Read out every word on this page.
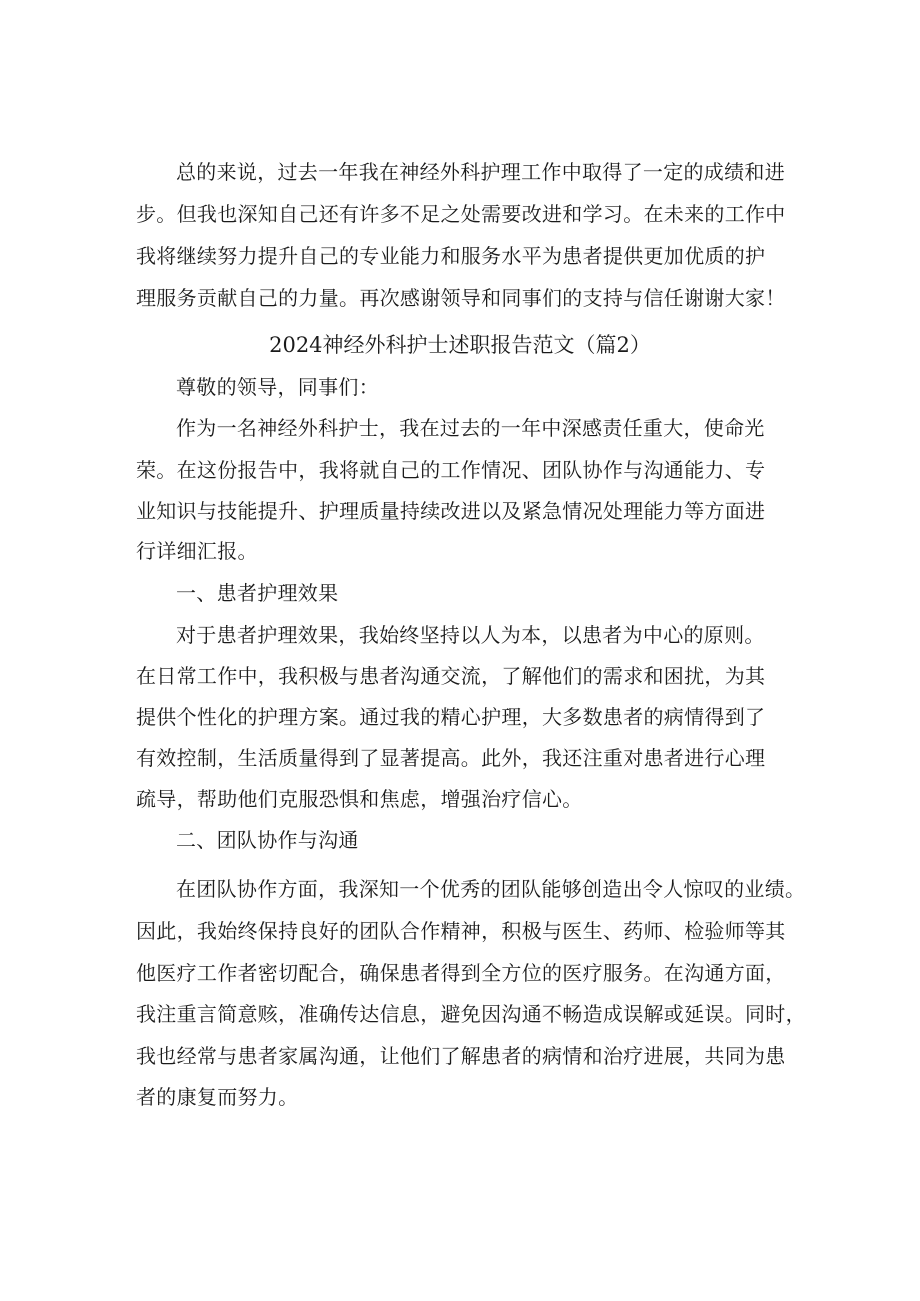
总的来说，过去一年我在神经外科护理工作中取得了一定的成绩和进
步。但我也深知自己还有许多不足之处需要改进和学习。在未来的工作中
我将继续努力提升自己的专业能力和服务水平为患者提供更加优质的护
理服务贡献自己的力量。再次感谢领导和同事们的支持与信任谢谢大家！
2024神经外科护士述职报告范文（篇2）
尊敬的领导，同事们：
作为一名神经外科护士，我在过去的一年中深感责任重大，使命光
荣。在这份报告中，我将就自己的工作情况、团队协作与沟通能力、专
业知识与技能提升、护理质量持续改进以及紧急情况处理能力等方面进
行详细汇报。
一、患者护理效果
对于患者护理效果，我始终坚持以人为本，以患者为中心的原则。
在日常工作中，我积极与患者沟通交流，了解他们的需求和困扰，为其
提供个性化的护理方案。通过我的精心护理，大多数患者的病情得到了
有效控制，生活质量得到了显著提高。此外，我还注重对患者进行心理
疏导，帮助他们克服恐惧和焦虑，增强治疗信心。
二、团队协作与沟通
在团队协作方面，我深知一个优秀的团队能够创造出令人惊叹的业绩。
因此，我始终保持良好的团队合作精神，积极与医生、药师、检验师等其
他医疗工作者密切配合，确保患者得到全方位的医疗服务。在沟通方面，
我注重言简意赅，准确传达信息，避免因沟通不畅造成误解或延误。同时，
我也经常与患者家属沟通，让他们了解患者的病情和治疗进展，共同为患
者的康复而努力。
